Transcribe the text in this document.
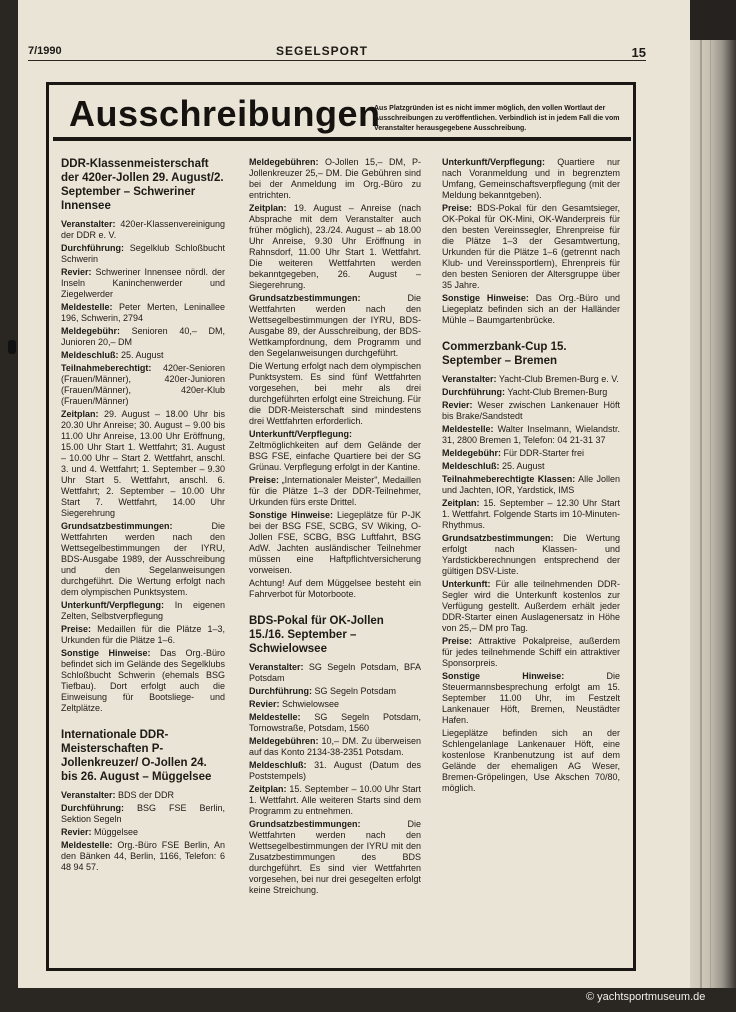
7/1990	SEGELSPORT	15
Ausschreibungen
Aus Platzgründen ist es nicht immer möglich, den vollen Wortlaut der Ausschreibungen zu veröffentlichen. Verbindlich ist in jedem Fall die vom Veranstalter herausgegebene Ausschreibung.
DDR-Klassenmeisterschaft der 420er-Jollen 29. August/2. September – Schweriner Innensee

Veranstalter: 420er-Klassenvereinigung der DDR e. V.

Durchführung: Segelklub Schloßbucht Schwerin

Revier: Schweriner Innensee nördl. der Inseln Kaninchenwerder und Ziegelwerder

Meldestelle: Peter Merten, Leninallee 196, Schwerin, 2794

Meldegebühr: Senioren 40,– DM, Junioren 20,– DM

Meldeschluß: 25. August

Teilnahmeberechtigt: 420er-Senioren (Frauen/Männer), 420er-Junioren (Frauen/Männer), 420er-Klub (Frauen/Männer)

Zeitplan: 29. August – 18.00 Uhr bis 20.30 Uhr Anreise; 30. August – 9.00 bis 11.00 Uhr Anreise, 13.00 Uhr Eröffnung, 15.00 Uhr Start 1. Wettfahrt; 31. August – 10.00 Uhr – Start 2. Wettfahrt, anschl. 3. und 4. Wettfahrt; 1. September – 9.30 Uhr Start 5. Wettfahrt, anschl. 6. Wettfahrt; 2. September – 10.00 Uhr Start 7. Wettfahrt, 14.00 Uhr Siegerehrung

Grundsatzbestimmungen: Die Wettfahrten werden nach den Wettsegelbestimmungen der IYRU, BDS-Ausgabe 1989, der Ausschreibung und den Segelanweisungen durchgeführt. Die Wertung erfolgt nach dem olympischen Punktsystem.

Unterkunft/Verpflegung: In eigenen Zelten, Selbstverpflegung

Preise: Medaillen für die Plätze 1–3, Urkunden für die Plätze 1–6.

Sonstige Hinweise: Das Org.-Büro befindet sich im Gelände des Segelklubs Schloßbucht Schwerin (ehemals BSG Tiefbau). Dort erfolgt auch die Einweisung für Bootsliege- und Zeltplätze.

Internationale DDR-Meisterschaften P-Jollenkreuzer/ O-Jollen 24. bis 26. August – Müggelsee

Veranstalter: BDS der DDR

Durchführung: BSG FSE Berlin, Sektion Segeln

Revier: Müggelsee

Meldestelle: Org.-Büro FSE Berlin, An den Bänken 44, Berlin, 1166, Telefon: 6 48 94 57.

Meldegebühren: O-Jollen 15,– DM, P-Jollenkreuzer 25,– DM. Die Gebühren sind bei der Anmeldung im Org.-Büro zu entrichten.

Zeitplan: 19. August – Anreise (nach Absprache mit dem Veranstalter auch früher möglich), 23./24. August – ab 18.00 Uhr Anreise, 9.30 Uhr Eröffnung in Rahnsdorf, 11.00 Uhr Start 1. Wettfahrt. Die weiteren Wettfahrten werden bekanntgegeben, 26. August – Siegerehrung.

Grundsatzbestimmungen: Die Wettfahrten werden nach den Wettsegelbestimmungen der IYRU, BDS-Ausgabe 89, der Ausschreibung, der BDS-Wettkampfordnung, dem Programm und den Segelanweisungen durchgeführt.

Die Wertung erfolgt nach dem olympischen Punktsystem. Es sind fünf Wettfahrten vorgesehen, bei mehr als drei durchgeführten erfolgt eine Streichung. Für die DDR-Meisterschaft sind mindestens drei Wettfahrten erforderlich.

Unterkunft/Verpflegung: Zeltmöglichkeiten auf dem Gelände der BSG FSE, einfache Quartiere bei der SG Grünau. Verpflegung erfolgt in der Kantine.

Preise: „Internationaler Meister", Medaillen für die Plätze 1–3 der DDR-Teilnehmer, Urkunden fürs erste Drittel.

Sonstige Hinweise: Liegeplätze für P-JK bei der BSG FSE, SCBG, SV Wiking, O-Jollen FSE, SCBG, BSG Luftfahrt, BSG AdW. Jachten ausländischer Teilnehmer müssen eine Haftpflichtversicherung vorweisen.

Achtung! Auf dem Müggelsee besteht ein Fahrverbot für Motorboote.

BDS-Pokal für OK-Jollen 15./16. September – Schwielowsee

Veranstalter: SG Segeln Potsdam, BFA Potsdam

Durchführung: SG Segeln Potsdam

Revier: Schwielowsee

Meldestelle: SG Segeln Potsdam, Tornowstraße, Potsdam, 1560

Meldegebühren: 10,– DM. Zu überweisen auf das Konto 2134-38-2351 Potsdam.

Meldeschluß: 31. August (Datum des Poststempels)

Zeitplan: 15. September – 10.00 Uhr Start 1. Wettfahrt. Alle weiteren Starts sind dem Programm zu entnehmen.

Grundsatzbestimmungen: Die Wettfahrten werden nach den Wettsegelbestimmungen der IYRU mit den Zusatzbestimmungen des BDS durchgeführt. Es sind vier Wettfahrten vorgesehen, bei nur drei gesegelten erfolgt keine Streichung.

Unterkunft/Verpflegung: Quartiere nur nach Voranmeldung und in begrenztem Umfang, Gemeinschaftsverpflegung (mit der Meldung bekanntgeben).

Preise: BDS-Pokal für den Gesamtsieger, OK-Pokal für OK-Mini, OK-Wanderpreis für den besten Vereinssegler, Ehrenpreise für die Plätze 1–3 der Gesamtwertung, Urkunden für die Plätze 1–6 (getrennt nach Klub- und Vereinssportlern), Ehrenpreis für den besten Senioren der Altersgruppe über 35 Jahre.

Sonstige Hinweise: Das Org.-Büro und Liegeplatz befinden sich an der Halländer Mühle – Baumgartenbrücke.

Commerzbank-Cup 15. September – Bremen

Veranstalter: Yacht-Club Bremen-Burg e. V.

Durchführung: Yacht-Club Bremen-Burg

Revier: Weser zwischen Lankenauer Höft bis Brake/Sandstedt

Meldestelle: Walter Inselmann, Wielandstr. 31, 2800 Bremen 1, Telefon: 04 21-31 37

Meldegebühr: Für DDR-Starter frei

Meldeschluß: 25. August

Teilnahmeberechtigte Klassen: Alle Jollen und Jachten, IOR, Yardstick, IMS

Zeitplan: 15. September – 12.30 Uhr Start 1. Wettfahrt. Folgende Starts im 10-Minuten-Rhythmus.

Grundsatzbestimmungen: Die Wertung erfolgt nach Klassen- und Yardstickberechnungen entsprechend der gültigen DSV-Liste.

Unterkunft: Für alle teilnehmenden DDR-Segler wird die Unterkunft kostenlos zur Verfügung gestellt. Außerdem erhält jeder DDR-Starter einen Auslagenersatz in Höhe von 25,– DM pro Tag.

Preise: Attraktive Pokalpreise, außerdem für jedes teilnehmende Schiff ein attraktiver Sponsorpreis.

Sonstige Hinweise: Die Steuermannsbesprechung erfolgt am 15. September 11.00 Uhr, im Festzelt Lankenauer Höft, Bremen, Neustädter Hafen.

Liegeplätze befinden sich an der Schlengelanlage Lankenauer Höft, eine kostenlose Kranbenutzung ist auf dem Gelände der ehemaligen AG Weser, Bremen-Gröpelingen, Use Akschen 70/80, möglich.

© yachtsportmuseum.de
